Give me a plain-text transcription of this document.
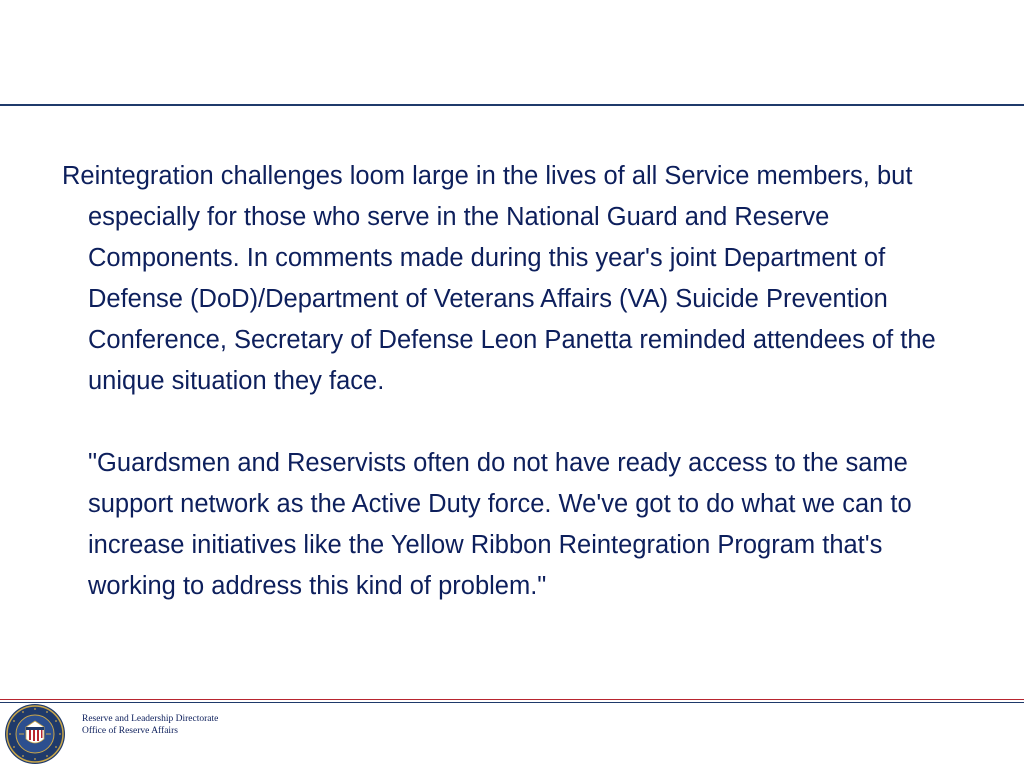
Reintegration challenges loom large in the lives of all Service members, but especially for those who serve in the National Guard and Reserve Components. In comments made during this year's joint Department of Defense (DoD)/Department of Veterans Affairs (VA) Suicide Prevention Conference, Secretary of Defense Leon Panetta reminded attendees of the unique situation they face.

"Guardsmen and Reservists often do not have ready access to the same support network as the Active Duty force. We've got to do what we can to increase initiatives like the Yellow Ribbon Reintegration Program that's working to address this kind of problem."

Reserve and Leadership Directorate
Office of Reserve Affairs
